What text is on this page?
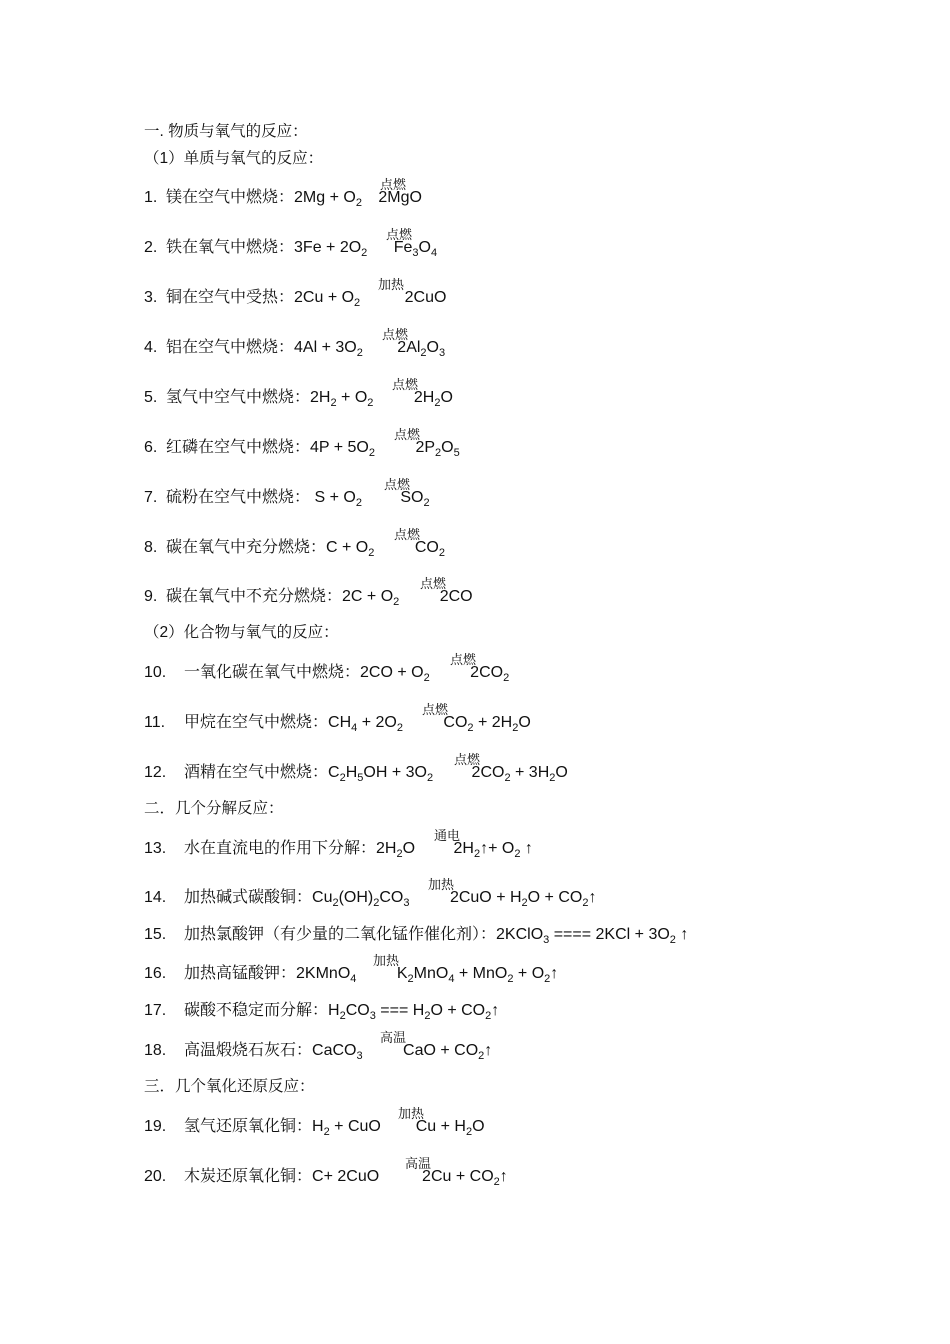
一. 物质与氧气的反应：
（1）单质与氧气的反应：
1. 镁在空气中燃烧：$2Mg + O_2$ 2MgO
点燃
2. 铁在氧气中燃烧：$3Fe + 2O_2$ $Fe_3O_4$
点燃
3. 铜在空气中受热：$2Cu + O_2$	2CuO
加热
4. 铝在空气中燃烧：$4Al + 3O_2$ $2Al_2O_3$
点燃
5. 氢气中空气中燃烧：$2H_2 + O_2$ $2H_2O$
点燃
6. 红磷在空气中燃烧：$4P + 5O_2$ $2P_2O_5$
点燃
7. 硫粉在空气中燃烧： $S + O_2$ $SO_2$
点燃
8. 碳在氧气中充分燃烧：$C + O_2$ $CO_2$
点燃
9. 碳在氧气中不充分燃烧：$2C + O_2$ 2CO
点燃
（2）化合物与氧气的反应：
10. 一氧化碳在氧气中燃烧：$2CO + O_2$ $2CO_2$
点燃
11. 甲烷在空气中燃烧：$CH_4 + 2O_2$ $CO_2 + 2H_2O$
点燃
12. 酒精在空气中燃烧：$C_2H_5OH + 3O_2$ $2CO_2 + 3H_2O$
点燃
二．几个分解反应：
13. 水在直流电的作用下分解：$2H_2O$ $2H_2↑+ O_2$ ↑
通电
14. 加热碱式碳酸铜：$Cu_2(OH)_2CO_3$ $2CuO + H_2O$ + $CO_2↑$
加热
15. 加热氯酸钾（有少量的二氧化锰作催化剂）：2KClO$_3$ ==== $2KCl + 3O_2$ ↑
16. 加热高锰酸钾：2KMnO$_4$ $K_2MnO_4 + MnO_2$ + $O_2↑$
加热
17. 碳酸不稳定而分解：$H_2CO_3$ === $H_2O$ + $CO_2↑$
18. 高温煅烧石灰石：CaCO$_3$ CaO + $CO_2↑$
高温
三．几个氧化还原反应：
19. 氢气还原氧化铜：$H_2$ + CuO  $Cu + H_2O$
加热
20. 木炭还原氧化铜：C+ 2CuO  $2Cu + CO_2↑$
高温
